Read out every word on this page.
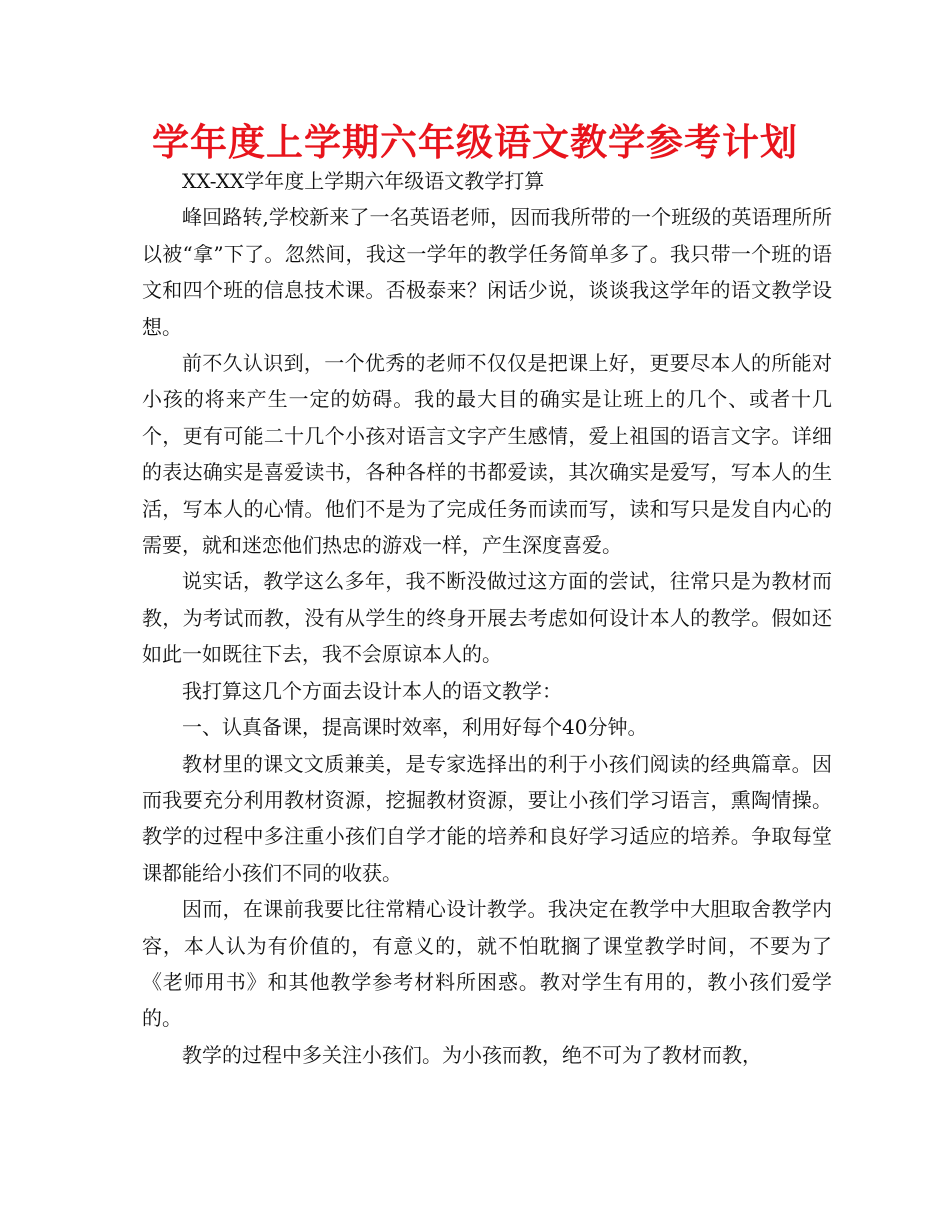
学年度上学期六年级语文教学参考计划

XX-XX学年度上学期六年级语文教学打算

峰回路转,学校新来了一名英语老师，因而我所带的一个班级的英语理所所以被“拿”下了。忽然间，我这一学年的教学任务简单多了。我只带一个班的语文和四个班的信息技术课。否极泰来？闲话少说，谈谈我这学年的语文教学设想。

前不久认识到，一个优秀的老师不仅仅是把课上好，更要尽本人的所能对小孩的将来产生一定的妨碍。我的最大目的确实是让班上的几个、或者十几个，更有可能二十几个小孩对语言文字产生感情，爱上祖国的语言文字。详细的表达确实是喜爱读书，各种各样的书都爱读，其次确实是爱写，写本人的生活，写本人的心情。他们不是为了完成任务而读而写，读和写只是发自内心的需要，就和迷恋他们热忠的游戏一样，产生深度喜爱。

说实话，教学这么多年，我不断没做过这方面的尝试，往常只是为教材而教，为考试而教，没有从学生的终身开展去考虑如何设计本人的教学。假如还如此一如既往下去，我不会原谅本人的。

我打算这几个方面去设计本人的语文教学：

一、认真备课，提高课时效率，利用好每个40分钟。

教材里的课文文质兼美，是专家选择出的利于小孩们阅读的经典篇章。因而我要充分利用教材资源，挖掘教材资源，要让小孩们学习语言，熏陶情操。教学的过程中多注重小孩们自学才能的培养和良好学习适应的培养。争取每堂课都能给小孩们不同的收获。

因而，在课前我要比往常精心设计教学。我决定在教学中大胆取舍教学内容，本人认为有价值的，有意义的，就不怕耽搁了课堂教学时间，不要为了《老师用书》和其他教学参考材料所困惑。教对学生有用的，教小孩们爱学的。

教学的过程中多关注小孩们。为小孩而教，绝不可为了教材而教，
